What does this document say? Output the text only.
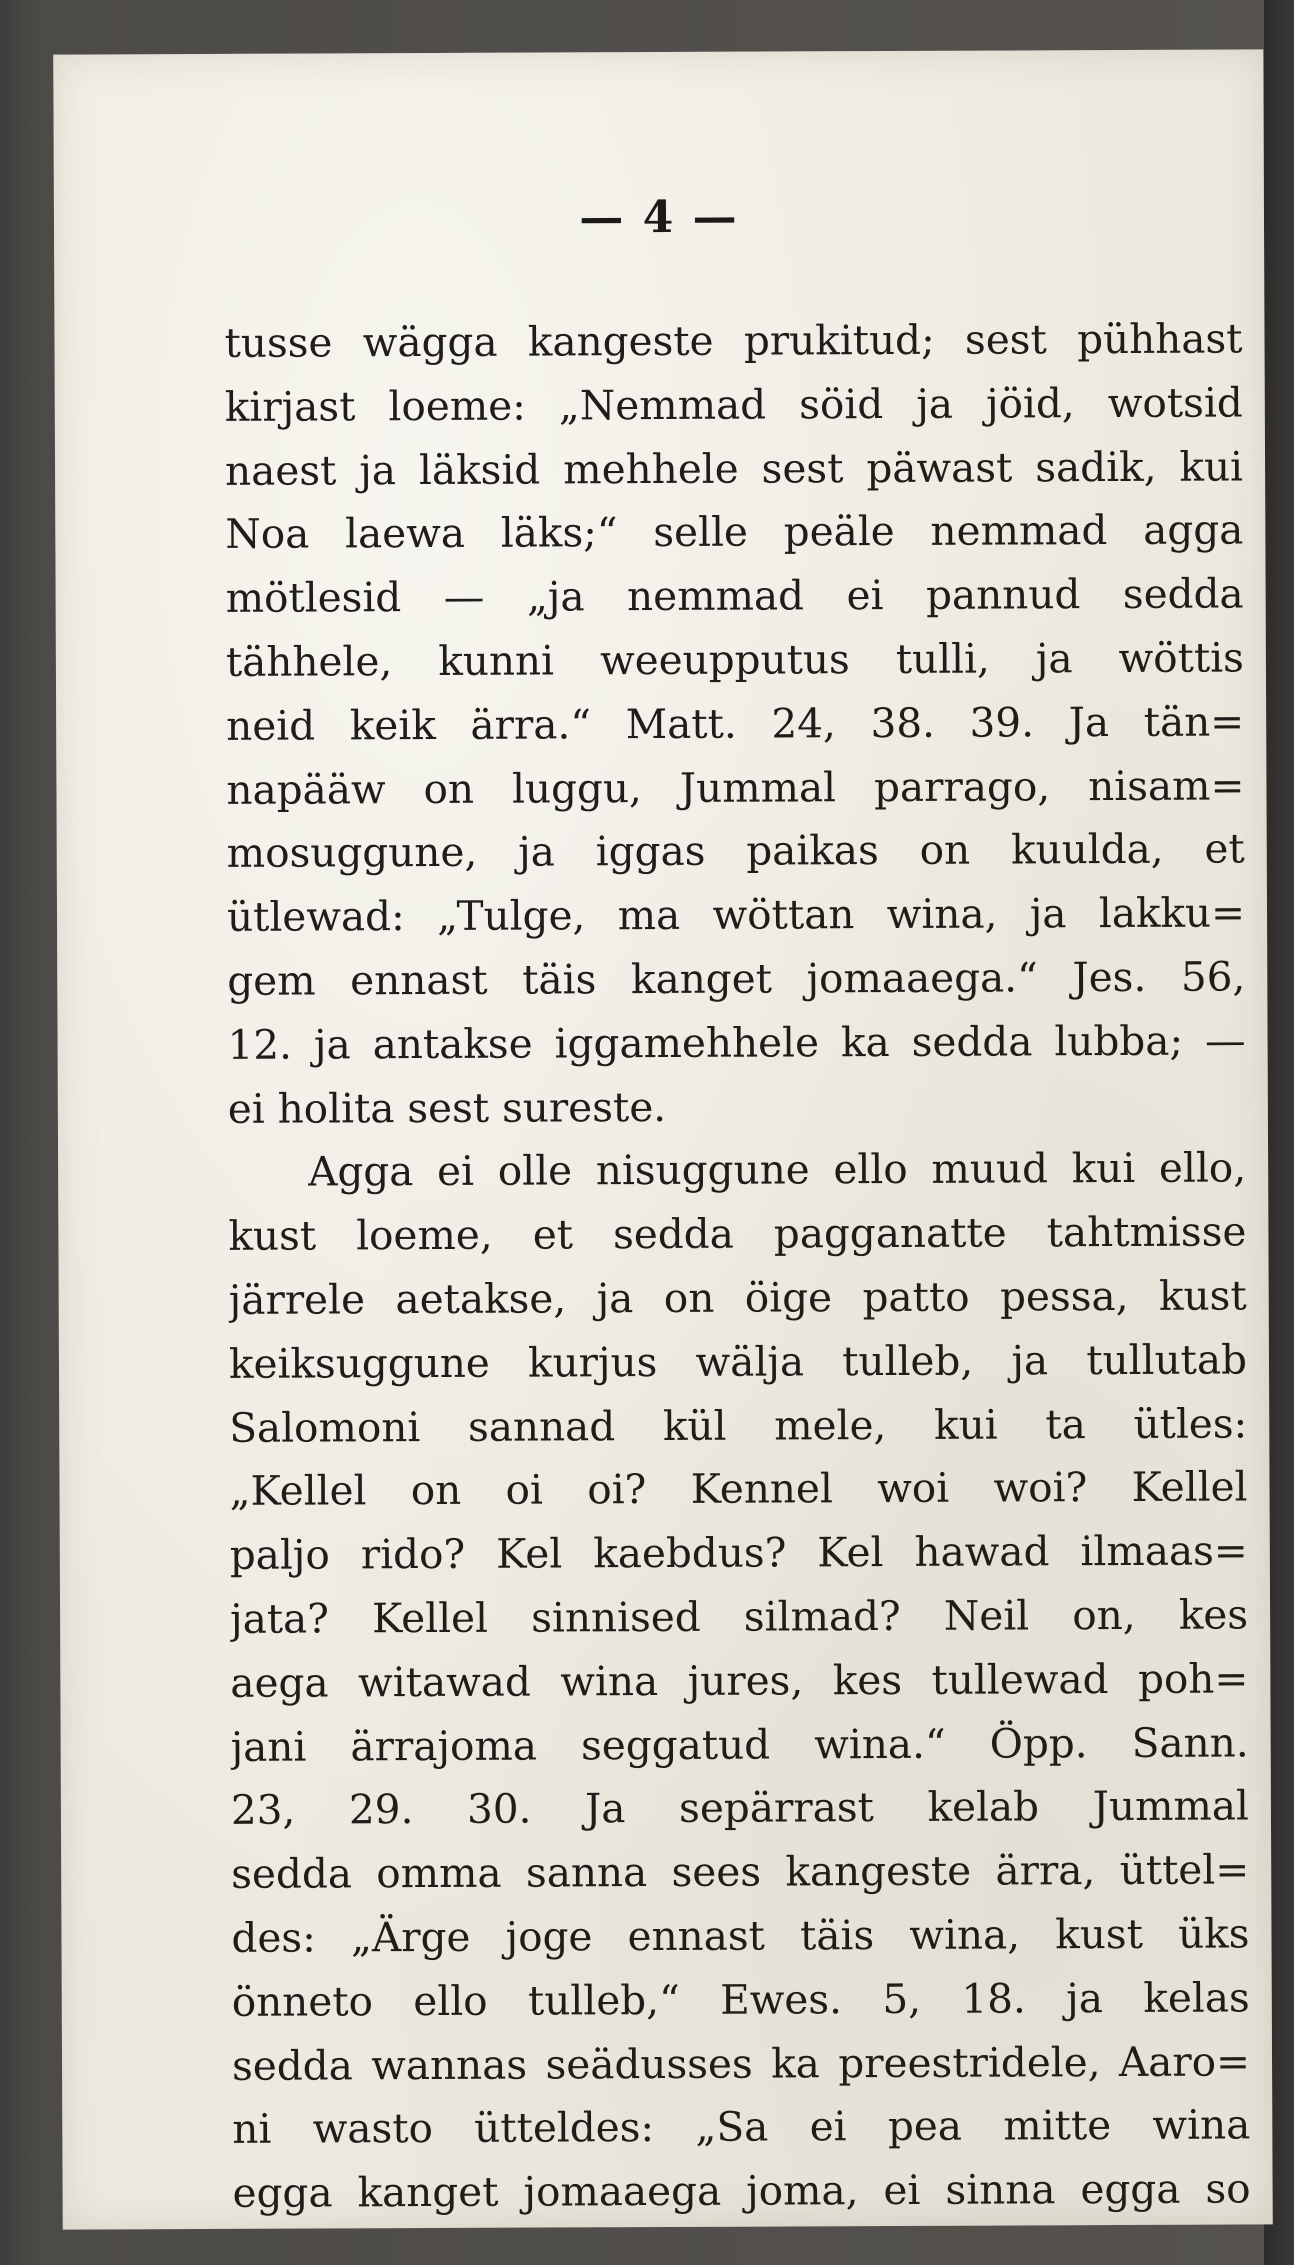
— 4 —
tusse wägga kangeste prukitud; sest pühhast
kirjast loeme: „Nemmad söid ja jöid, wotsid
naest ja läksid mehhele sest päwast sadik, kui
Noa laewa läks;“ selle peäle nemmad agga
mötlesid — „ja nemmad ei pannud sedda
tähhele, kunni weeupputus tulli, ja wöttis
neid keik ärra.“ Matt. 24, 38. 39. Ja tän=
napääw on luggu, Jummal parrago, nisam=
mosuggune, ja iggas paikas on kuulda, et
ütlewad: „Tulge, ma wöttan wina, ja lakku=
gem ennast täis kanget jomaaega.“ Jes. 56,
12. ja antakse iggamehhele ka sedda lubba; —
ei holita sest sureste.
Agga ei olle nisuggune ello muud kui ello,
kust loeme, et sedda pagganatte tahtmisse
järrele aetakse, ja on öige patto pessa, kust
keiksuggune kurjus wälja tulleb, ja tullutab
Salomoni sannad kül mele, kui ta ütles:
„Kellel on oi oi? Kennel woi woi? Kellel
paljo rido? Kel kaebdus? Kel hawad ilmaas=
jata? Kellel sinnised silmad? Neil on, kes
aega witawad wina jures, kes tullewad poh=
jani ärrajoma seggatud wina.“ Öpp. Sann.
23, 29. 30. Ja sepärrast kelab Jummal
sedda omma sanna sees kangeste ärra, üttel=
des: „Ärge joge ennast täis wina, kust üks
önneto ello tulleb,“ Ewes. 5, 18. ja kelas
sedda wannas seädusses ka preestridele, Aaro=
ni wasto ütteldes: „Sa ei pea mitte wina
egga kanget jomaaega joma, ei sinna egga so
